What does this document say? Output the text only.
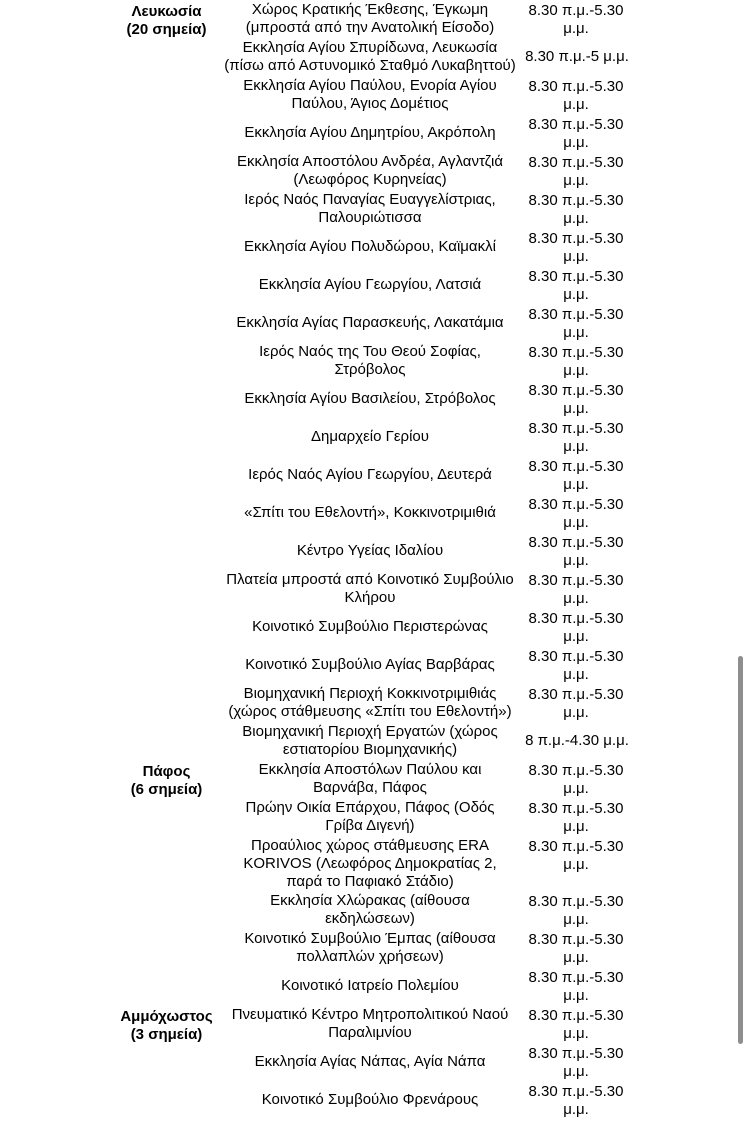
Λευκωσία
(20 σημεία)
Χώρος Κρατικής Έκθεσης, Έγκωμη
(μπροστά από την Ανατολική Είσοδο)
8.30 π.μ.-5.30 μ.μ.
Εκκλησία Αγίου Σπυρίδωνα, Λευκωσία
(πίσω από Αστυνομικό Σταθμό Λυκαβηττού)
8.30 π.μ.-5 μ.μ.
Εκκλησία Αγίου Παύλου, Ενορία Αγίου
Παύλου, Άγιος Δομέτιος
8.30 π.μ.-5.30 μ.μ.
Εκκλησία Αγίου Δημητρίου, Ακρόπολη 8.30 π.μ.-5.30 μ.μ.
Εκκλησία Αποστόλου Ανδρέα, Αγλαντζιά
(Λεωφόρος Κυρηνείας)
8.30 π.μ.-5.30 μ.μ.
Ιερός Ναός Παναγίας Ευαγγελίστριας,
Παλουριώτισσα
8.30 π.μ.-5.30 μ.μ.
Εκκλησία Αγίου Πολυδώρου, Καϊμακλί 8.30 π.μ.-5.30 μ.μ.
Εκκλησία Αγίου Γεωργίου, Λατσιά	8.30 π.μ.-5.30 μ.μ.
Εκκλησία Αγίας Παρασκευής, Λακατάμια 8.30 π.μ.-5.30 μ.μ.
Ιερός Ναός της Του Θεού Σοφίας,
Στρόβολος
8.30 π.μ.-5.30 μ.μ.
Εκκλησία Αγίου Βασιλείου, Στρόβολος 8.30 π.μ.-5.30 μ.μ.
Δημαρχείο Γερίου	8.30 π.μ.-5.30 μ.μ.
Ιερός Ναός Αγίου Γεωργίου, Δευτερά 8.30 π.μ.-5.30 μ.μ.
«Σπίτι του Εθελοντή», Κοκκινοτριμιθιά 8.30 π.μ.-5.30 μ.μ.
Κέντρο Υγείας Ιδαλίου	8.30 π.μ.-5.30 μ.μ.
Πλατεία μπροστά από Κοινοτικό Συμβούλιο
Κλήρου
8.30 π.μ.-5.30 μ.μ.
Κοινοτικό Συμβούλιο Περιστερώνας	8.30 π.μ.-5.30 μ.μ.
Κοινοτικό Συμβούλιο Αγίας Βαρβάρας 8.30 π.μ.-5.30 μ.μ.
Βιομηχανική Περιοχή Κοκκινοτριμιθιάς
(χώρος στάθμευσης «Σπίτι του Εθελοντή»)
8.30 π.μ.-5.30 μ.μ.
Βιομηχανική Περιοχή Εργατών (χώρος
εστιατορίου Βιομηχανικής)
8 π.μ.-4.30 μ.μ.
Πάφος
(6 σημεία)
Εκκλησία Αποστόλων Παύλου και
Βαρνάβα, Πάφος
8.30 π.μ.-5.30 μ.μ.
Πρώην Οικία Επάρχου, Πάφος (Οδός
Γρίβα Διγενή)
8.30 π.μ.-5.30 μ.μ.
Προαύλιος χώρος στάθμευσης ERA
KORIVOS (Λεωφόρος Δημοκρατίας 2,
παρά το Παφιακό Στάδιο)
8.30 π.μ.-5.30 μ.μ.
Εκκλησία Χλώρακας (αίθουσα
εκδηλώσεων)
8.30 π.μ.-5.30 μ.μ.
Κοινοτικό Συμβούλιο Έμπας (αίθουσα
πολλαπλών χρήσεων)
8.30 π.μ.-5.30 μ.μ.
Κοινοτικό Ιατρείο Πολεμίου	8.30 π.μ.-5.30 μ.μ.
Αμμόχωστος
(3 σημεία)
Πνευματικό Κέντρο Μητροπολιτικού Ναού
Παραλιμνίου
8.30 π.μ.-5.30 μ.μ.
Εκκλησία Αγίας Νάπας, Αγία Νάπα	8.30 π.μ.-5.30 μ.μ.
Κοινοτικό Συμβούλιο Φρενάρους	8.30 π.μ.-5.30 μ.μ.
